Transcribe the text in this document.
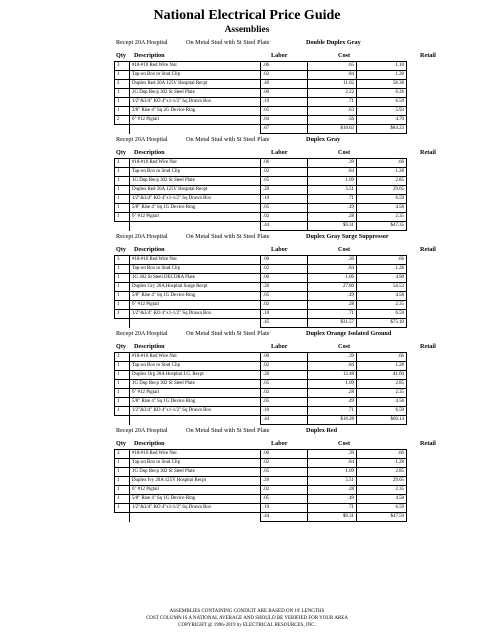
National Electrical Price Guide
Assemblies
Recept 20A Hospital	On Metal Stud with St Steel Plate	Double Duplex Gray
Qty Description	Labor	Cost	Retail
3	#18-#10 Red Wire Nut	.06	.65	1.10
1	Tap-on Box to Stud Clip	.02	.84	1.28
2	Duplex Red 20A 125V Hospital Recpt	.40	11.02	58.38
1	2G Dup Recp 302 St Steel Plate	.06	2.22	6.26
1	1/2"&3/4" KO 4"x1-1/2" Sq Drawn Box	.19	.71	6.59
1	3/8" Rise 4" Sq 2G Device Ring	.05	.63	5.93
2	6" #12 Pigtail	.04	.56	4.70
		.67	$16.63	$84.23
Recept 20A Hospital	On Metal Stud with St Steel Plate	Duplex Gray
Qty Description	Labor	Cost	Retail
3	#18-#10 Red Wire Nut	.06	.39	.66
1	Tap-on Box to Stud Clip	.02	.84	1.28
1	1G Dup Recp 302 St Steel Plate	.05	1.09	2.85
1	Duplex Red 20A 125V Hospital Recpt	.20	5.51	29.05
1	1/2"&3/4" KO 4"x1-1/2" Sq Drawn Box	.10	.71	6.59
1	5/8" Rise 4" Sq 1G Device Ring	.05	.49	4.58
1	6" #12 Pigtail	.02	.28	2.35
		.44	$9.31	$47.35
Recept 20A Hospital	On Metal Stud with St Steel Plate	Duplex Gray Surge Suppressor
Qty Description	Labor	Cost	Retail
3	#18-#10 Red Wire Nut	.06	.39	.66
1	Tap-on Box to Stud Clip	.02	.84	1.28
1	1G 302 St Steel DECORA Plate	.06	1.06	4.98
1	Duplex Gry 20A Hospital Surge Recpt	.20	27.80	54.53
1	5/8" Rise 4" Sq 1G Device Ring	.05	.49	4.58
1	6" #12 Pigtail	.02	.28	2.35
1	1/2"&3/4" KO 4"x1-1/2" Sq Drawn Box	.10	.71	6.59
		.45	$31.57	$75.10
Recept 20A Hospital	On Metal Stud with St Steel Plate	Duplex Orange Isolated Ground
Qty Description	Labor	Cost	Retail
3	#18-#10 Red Wire Nut	.06	.39	.66
1	Tap-on Box to Stud Clip	.02	.84	1.28
1	Duplex Org 20A Hospital I.G. Recpt	.20	12.48	41.60
1	1G Dup Recp 302 St Steel Plate	.05	1.09	2.85
1	6" #12 Pigtail	.02	.28	2.35
1	5/8" Rise 4" Sq 1G Device Ring	.05	.49	4.58
1	1/2"&3/4" KO 4"x1-1/2" Sq Drawn Box	.10	.71	6.59
		.44	$16.28	$60.14
Recept 20A Hospital	On Metal Stud with St Steel Plate	Duplex Red
Qty Description	Labor	Cost	Retail
3	#18-#10 Red Wire Nut	.06	.39	.66
1	Tap-on Box to Stud Clip	.02	.84	1.28
1	1G Dup Recp 302 St Steel Plate	.05	1.09	2.85
1	Duplex Ivy 20A 125V Hospital Recpt	.20	5.51	29.05
1	6" #12 Pigtail	.02	.28	2.35
1	5/8" Rise 4" Sq 1G Device Ring	.05	.49	4.58
1	1/2"&3/4" KO 4"x1-1/2" Sq Drawn Box	.10	.71	6.59
		.44	$9.31	$47.59
ASSEMBLIES CONTAINING CONDUIT ARE BASED ON 10' LENGTHS
COST COLUMN IS A NATIONAL AVERAGE AND SHOULD BE VERIFIED FOR YOUR AREA
COPYRIGHT @ 1996-2019 by ELECTRICAL RESOURCES, INC.
